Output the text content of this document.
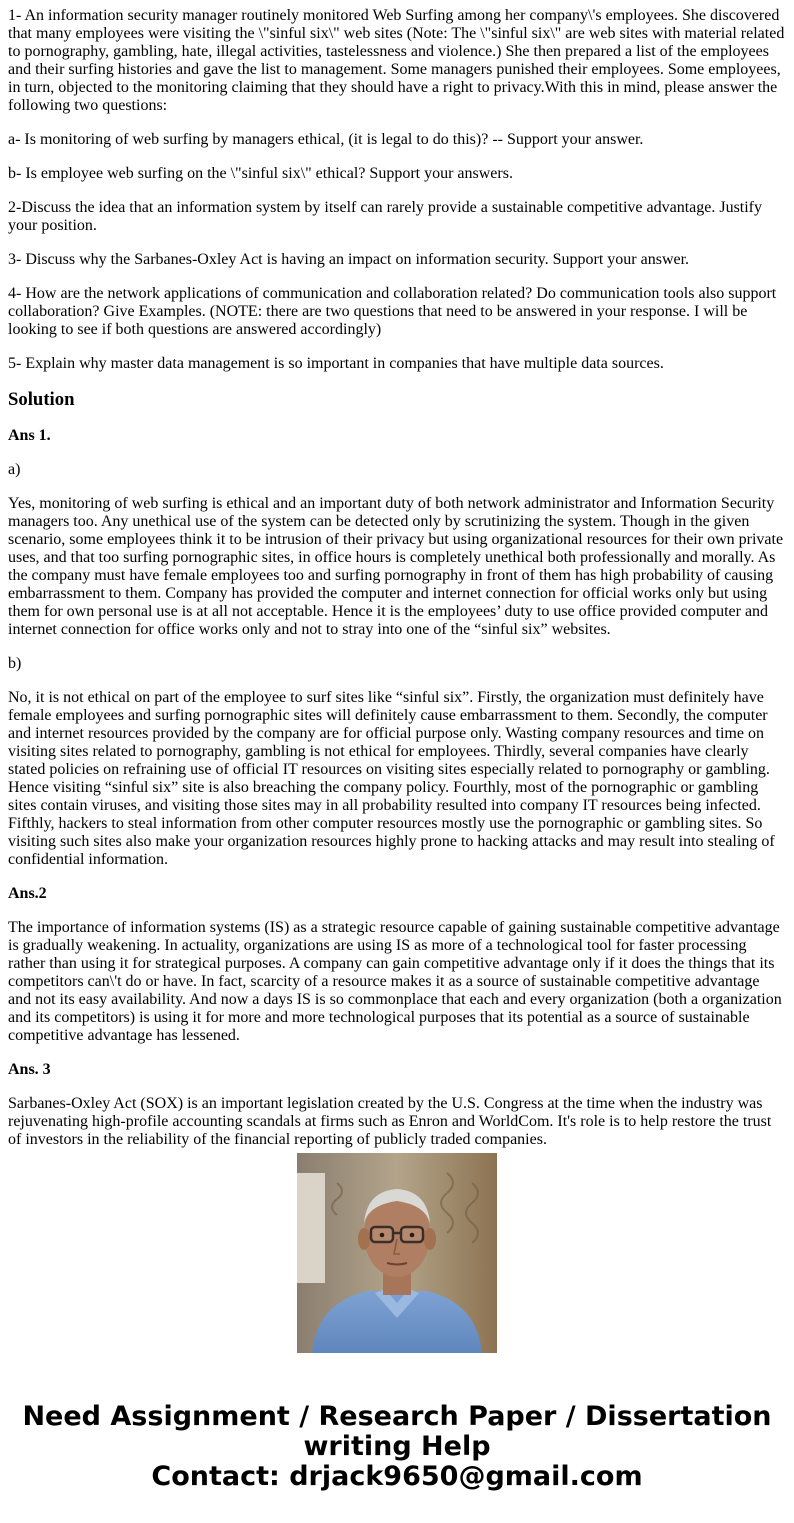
1- An information security manager routinely monitored Web Surfing among her company\'s employees. She discovered that many employees were visiting the \"sinful six\" web sites (Note: The \"sinful six\" are web sites with material related to pornography, gambling, hate, illegal activities, tastelessness and violence.) She then prepared a list of the employees and their surfing histories and gave the list to management. Some managers punished their employees. Some employees, in turn, objected to the monitoring claiming that they should have a right to privacy.With this in mind, please answer the following two questions:

a- Is monitoring of web surfing by managers ethical, (it is legal to do this)? -- Support your answer.

b- Is employee web surfing on the \"sinful six\" ethical? Support your answers.

2-Discuss the idea that an information system by itself can rarely provide a sustainable competitive advantage. Justify your position.

3- Discuss why the Sarbanes-Oxley Act is having an impact on information security. Support your answer.

4- How are the network applications of communication and collaboration related? Do communication tools also support collaboration? Give Examples. (NOTE: there are two questions that need to be answered in your response. I will be looking to see if both questions are answered accordingly)

5- Explain why master data management is so important in companies that have multiple data sources.

Solution
Ans 1.

a)

Yes, monitoring of web surfing is ethical and an important duty of both network administrator and Information Security managers too. Any unethical use of the system can be detected only by scrutinizing the system. Though in the given scenario, some employees think it to be intrusion of their privacy but using organizational resources for their own private uses, and that too surfing pornographic sites, in office hours is completely unethical both professionally and morally. As the company must have female employees too and surfing pornography in front of them has high probability of causing embarrassment to them. Company has provided the computer and internet connection for official works only but using them for own personal use is at all not acceptable. Hence it is the employees’ duty to use office provided computer and internet connection for office works only and not to stray into one of the “sinful six” websites.

b)

No, it is not ethical on part of the employee to surf sites like “sinful six”. Firstly, the organization must definitely have female employees and surfing pornographic sites will definitely cause embarrassment to them. Secondly, the computer and internet resources provided by the company are for official purpose only. Wasting company resources and time on visiting sites related to pornography, gambling is not ethical for employees. Thirdly, several companies have clearly stated policies on refraining use of official IT resources on visiting sites especially related to pornography or gambling. Hence visiting “sinful six” site is also breaching the company policy. Fourthly, most of the pornographic or gambling sites contain viruses, and visiting those sites may in all probability resulted into company IT resources being infected. Fifthly, hackers to steal information from other computer resources mostly use the pornographic or gambling sites. So visiting such sites also make your organization resources highly prone to hacking attacks and may result into stealing of confidential information.

Ans.2

The importance of information systems (IS) as a strategic resource capable of gaining sustainable competitive advantage is gradually weakening. In actuality, organizations are using IS as more of a technological tool for faster processing rather than using it for strategical purposes. A company can gain competitive advantage only if it does the things that its competitors can\'t do or have. In fact, scarcity of a resource makes it as a source of sustainable competitive advantage and not its easy availability. And now a days IS is so commonplace that each and every organization (both a organization and its competitors) is using it for more and more technological purposes that its potential as a source of sustainable competitive advantage has lessened.

Ans. 3

Sarbanes-Oxley Act (SOX) is an important legislation created by the U.S. Congress at the time when the industry was rejuvenating high-profile accounting scandals at firms such as Enron and WorldCom. It's role is to help restore the trust of investors in the reliability of the financial reporting of publicly traded companies.

Need Assignment / Research Paper / Dissertation
writing Help
Contact: drjack9650@gmail.com
